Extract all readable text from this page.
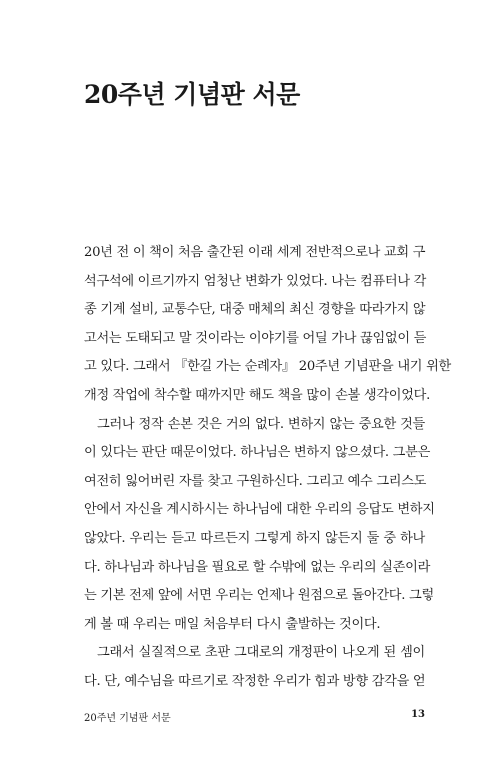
20주년 기념판 서문
20년 전 이 책이 처음 출간된 이래 세계 전반적으로나 교회 구
석구석에 이르기까지 엄청난 변화가 있었다. 나는 컴퓨터나 각
종 기계 설비, 교통수단, 대중 매체의 최신 경향을 따라가지 않
고서는 도태되고 말 것이라는 이야기를 어딜 가나 끊임없이 듣
고 있다. 그래서 『한길 가는 순례자』 20주년 기념판을 내기 위한
개정 작업에 착수할 때까지만 해도 책을 많이 손볼 생각이었다.
그러나 정작 손본 것은 거의 없다. 변하지 않는 중요한 것들
이 있다는 판단 때문이었다. 하나님은 변하지 않으셨다. 그분은
여전히 잃어버린 자를 찾고 구원하신다. 그리고 예수 그리스도
안에서 자신을 계시하시는 하나님에 대한 우리의 응답도 변하지
않았다. 우리는 듣고 따르든지 그렇게 하지 않든지 둘 중 하나
다. 하나님과 하나님을 필요로 할 수밖에 없는 우리의 실존이라
는 기본 전제 앞에 서면 우리는 언제나 원점으로 돌아간다. 그렇
게 볼 때 우리는 매일 처음부터 다시 출발하는 것이다.
그래서 실질적으로 초판 그대로의 개정판이 나오게 된 셈이
다. 단, 예수님을 따르기로 작정한 우리가 힘과 방향 감각을 얻
20주년 기념판 서문	13
